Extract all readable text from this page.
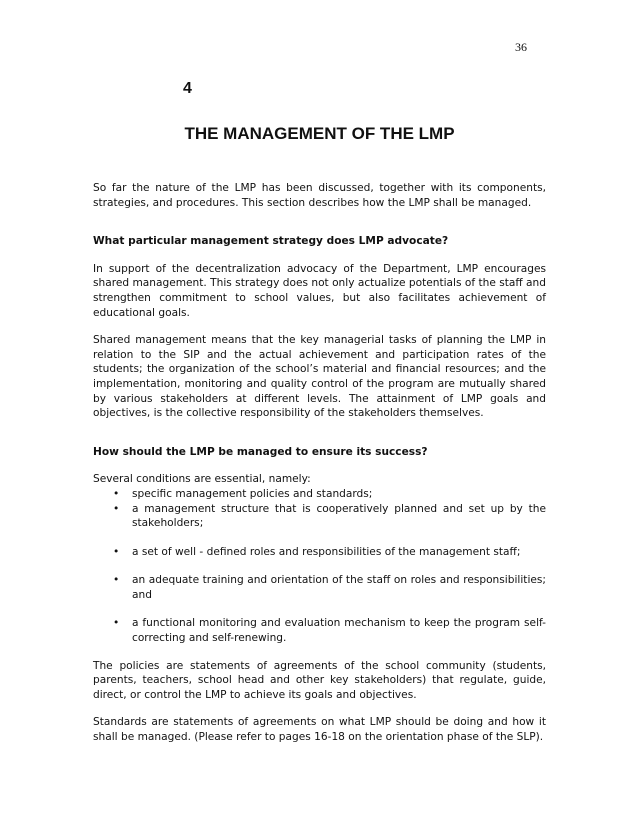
36
4
THE MANAGEMENT OF THE LMP

So far the nature of the LMP has been discussed, together with its components, strategies, and procedures. This section describes how the LMP shall be managed.

What particular management strategy does LMP advocate?

In support of the decentralization advocacy of the Department, LMP encourages shared management. This strategy does not only actualize potentials of the staff and strengthen commitment to school values, but also facilitates achievement of educational goals.

Shared management means that the key managerial tasks of planning the LMP in relation to the SIP and the actual achievement and participation rates of the students; the organization of the school’s material and financial resources; and the implementation, monitoring and quality control of the program are mutually shared by various stakeholders at different levels. The attainment of LMP goals and objectives, is the collective responsibility of the stakeholders themselves.

How should the LMP be managed to ensure its success?

Several conditions are essential, namely:

• specific management policies and standards;
• a management structure that is cooperatively planned and set up by the stakeholders;
• a set of well - defined roles and responsibilities of the management staff;
• an adequate training and orientation of the staff on roles and responsibilities; and
• a functional monitoring and evaluation mechanism to keep the program self-correcting and self-renewing.

The policies are statements of agreements of the school community (students, parents, teachers, school head and other key stakeholders) that regulate, guide, direct, or control the LMP to achieve its goals and objectives.

Standards are statements of agreements on what LMP should be doing and how it shall be managed. (Please refer to pages 16-18 on the orientation phase of the SLP).
